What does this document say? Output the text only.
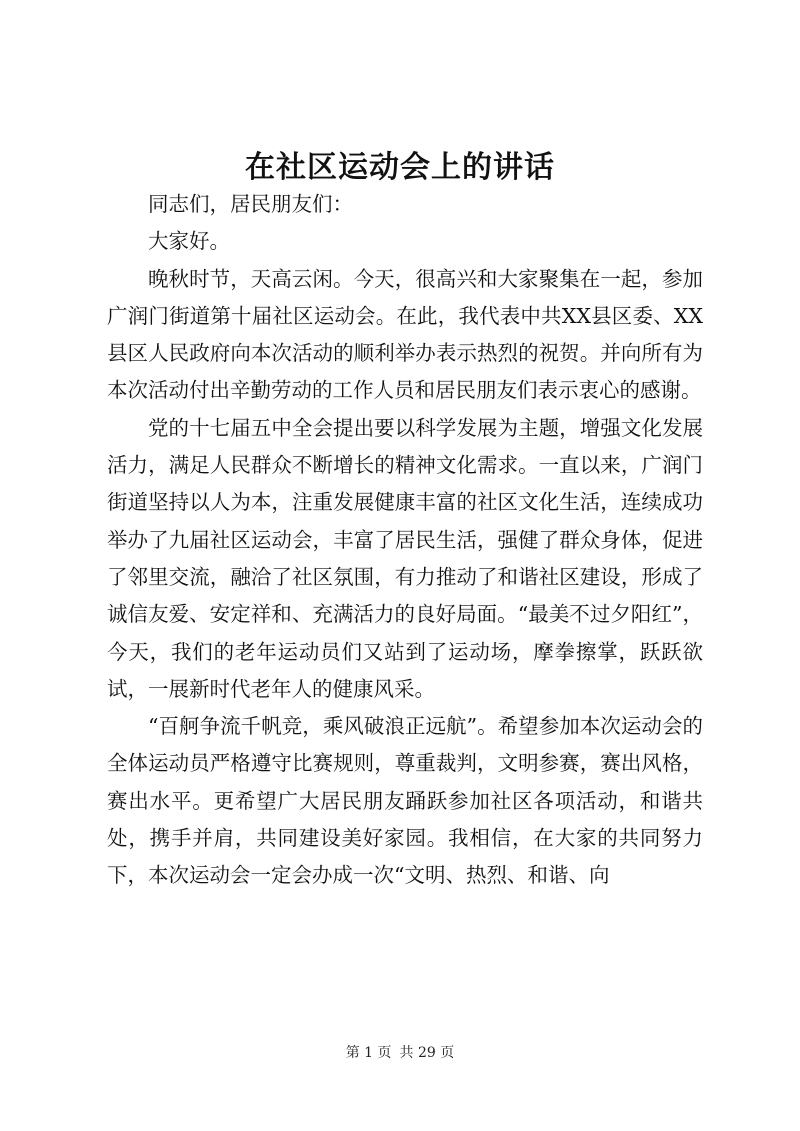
在社区运动会上的讲话

同志们，居民朋友们：

大家好。

晚秋时节，天高云闲。今天，很高兴和大家聚集在一起，参加广润门街道第十届社区运动会。在此，我代表中共XX县区委、XX县区人民政府向本次活动的顺利举办表示热烈的祝贺。并向所有为本次活动付出辛勤劳动的工作人员和居民朋友们表示衷心的感谢。

党的十七届五中全会提出要以科学发展为主题，增强文化发展活力，满足人民群众不断增长的精神文化需求。一直以来，广润门街道坚持以人为本，注重发展健康丰富的社区文化生活，连续成功举办了九届社区运动会，丰富了居民生活，强健了群众身体，促进了邻里交流，融洽了社区氛围，有力推动了和谐社区建设，形成了诚信友爱、安定祥和、充满活力的良好局面。“最美不过夕阳红”，今天，我们的老年运动员们又站到了运动场，摩拳擦掌，跃跃欲试，一展新时代老年人的健康风采。

“百舸争流千帆竞，乘风破浪正远航”。希望参加本次运动会的全体运动员严格遵守比赛规则，尊重裁判，文明参赛，赛出风格，赛出水平。更希望广大居民朋友踊跃参加社区各项活动，和谐共处，携手并肩，共同建设美好家园。我相信，在大家的共同努力下，本次运动会一定会办成一次“文明、热烈、和谐、向

第 1 页 共 29 页
